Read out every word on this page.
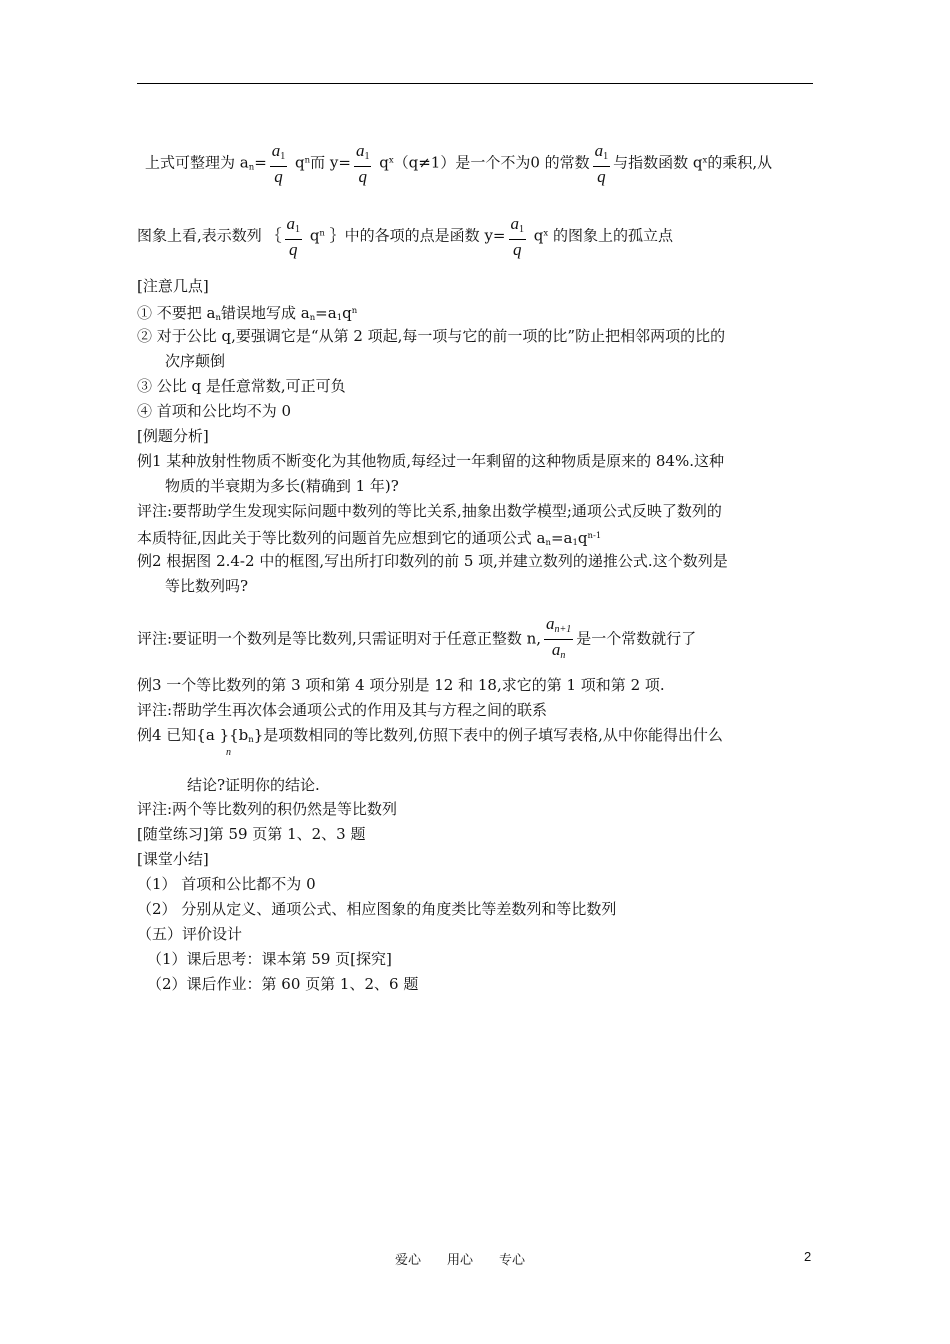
上式可整理为 $a_n= \frac{a1}{q} q^n$而 $y= \frac{a1}{q} q^x(q\ne 1)$是一个不为0 的常数 $\frac{a1}{q}$ 与指数函数 $q^x$的乘积,从
图象上看,表示数列 ｛ $\frac{a1}{q} q^n$ ｝中的各项的点是函数 $y= \frac{a1}{q} q^x$ 的图象上的孤立点
[注意几点]
① 不要把 $a_n$错误地写成 $a_n=a_1q^n$
② 对于公比 q,要强调它是“从第 2 项起,每一项与它的前一项的比”防止把相邻两项的比的
次序颠倒
③ 公比 q 是任意常数,可正可负
④ 首项和公比均不为 0
[例题分析]
例1 某种放射性物质不断变化为其他物质,每经过一年剩留的这种物质是原来的 84%.这种
物质的半衰期为多长(精确到 1 年)?
评注:要帮助学生发现实际问题中数列的等比关系,抽象出数学模型;通项公式反映了数列的
本质特征,因此关于等比数列的问题首先应想到它的通项公式 $a_n=a_1q^{n-1}$
例2 根据图 2.4-2 中的框图,写出所打印数列的前 5 项,并建立数列的递推公式.这个数列是
等比数列吗?
评注:要证明一个数列是等比数列,只需证明对于任意正整数 n, $\frac{an+1}{an}$ 是一个常数就行了
例3 一个等比数列的第 3 项和第 4 项分别是 12 和 18,求它的第 1 项和第 2 项.
评注:帮助学生再次体会通项公式的作用及其与方程之间的联系
例4 已知{a }$\{b_n\}$是项数相同的等比数列,仿照下表中的例子填写表格,从中你能得出什么
n
结论?证明你的结论.
评注:两个等比数列的积仍然是等比数列
[随堂练习]第 59 页第 1、2、3 题
[课堂小结]
（1） 首项和公比都不为 0
（2） 分别从定义、通项公式、相应图象的角度类比等差数列和等比数列
（五）评价设计
（1）课后思考：课本第 59 页[探究]
（2）课后作业：第 60 页第 1、2、6 题
爱心 用心 专心	2
